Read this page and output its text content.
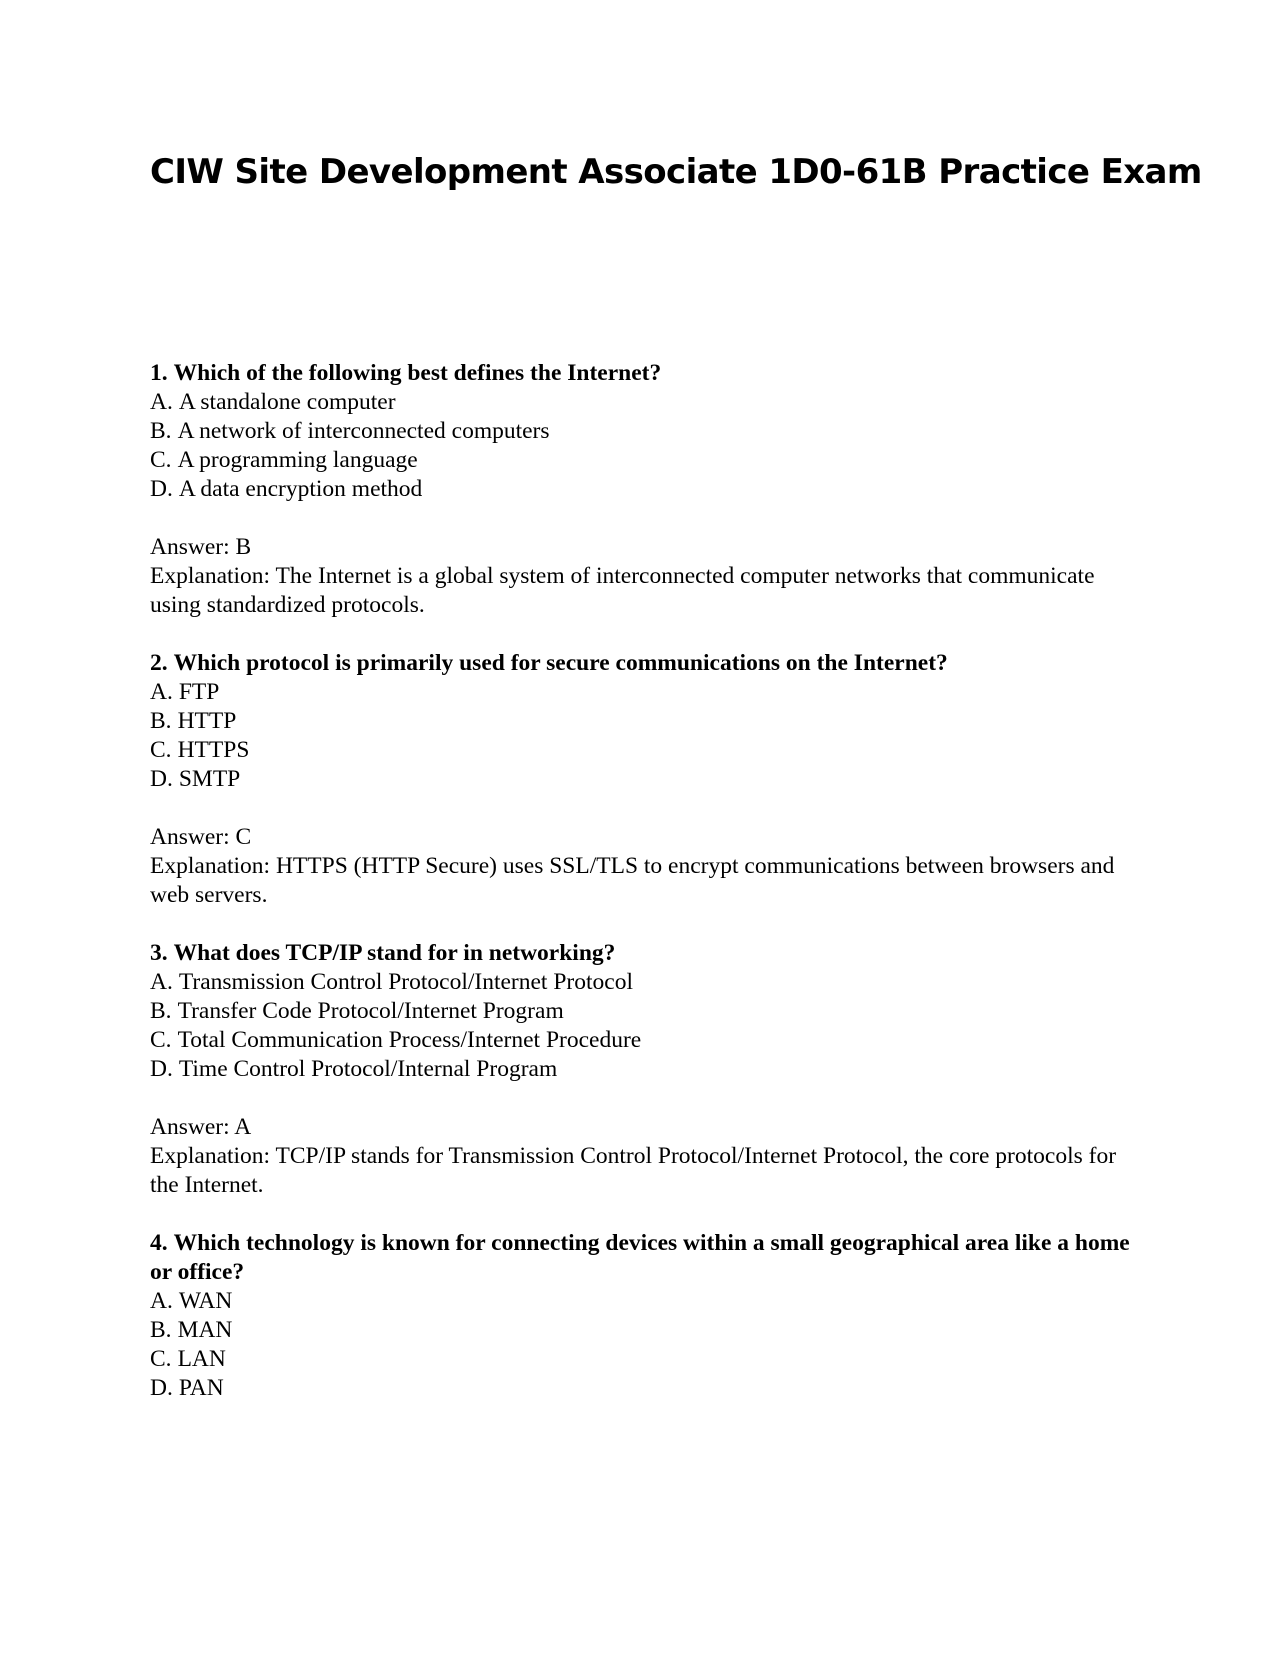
CIW Site Development Associate 1D0-61B Practice Exam

1. Which of the following best defines the Internet?

A. A standalone computer

B. A network of interconnected computers

C. A programming language

D. A data encryption method

Answer: B

Explanation: The Internet is a global system of interconnected computer networks that communicate using standardized protocols.

2. Which protocol is primarily used for secure communications on the Internet?

A. FTP

B. HTTP

C. HTTPS

D. SMTP

Answer: C

Explanation: HTTPS (HTTP Secure) uses SSL/TLS to encrypt communications between browsers and web servers.

3. What does TCP/IP stand for in networking?

A. Transmission Control Protocol/Internet Protocol

B. Transfer Code Protocol/Internet Program

C. Total Communication Process/Internet Procedure

D. Time Control Protocol/Internal Program

Answer: A

Explanation: TCP/IP stands for Transmission Control Protocol/Internet Protocol, the core protocols for the Internet.

4. Which technology is known for connecting devices within a small geographical area like a home or office?

A. WAN

B. MAN

C. LAN

D. PAN
